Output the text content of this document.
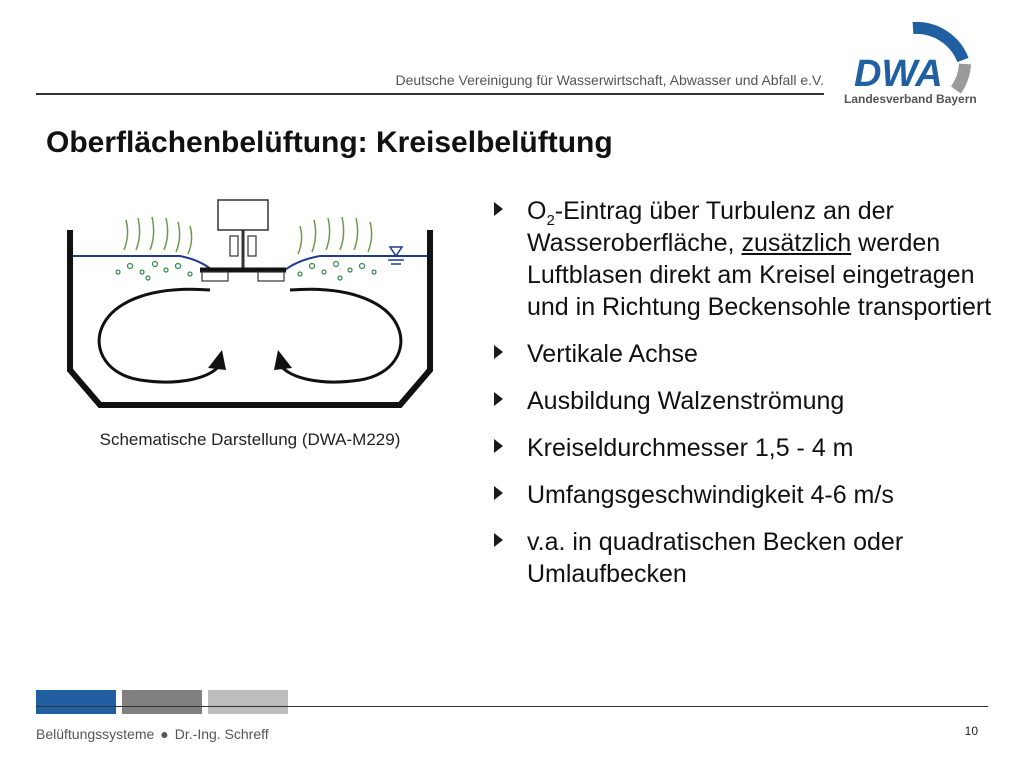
Deutsche Vereinigung für Wasserwirtschaft, Abwasser und Abfall e.V. DWA
Landesverband Bayern
Oberflächenbelüftung: Kreiselbelüftung
Schematische Darstellung (DWA-M229)
$O_2$-Eintrag über Turbulenz an der Wasseroberfläche, zusätzlich werden Luftblasen direkt am Kreisel eingetragen und in Richtung Beckensohle transportiert
Vertikale Achse
Ausbildung Walzenströmung
Kreiseldurchmesser 1,5 - 4 m
Umfangsgeschwindigkeit 4-6 m/s
v.a. in quadratischen Becken oder Umlaufbecken
Belüftungssysteme ● Dr.-Ing. Schreff	10
